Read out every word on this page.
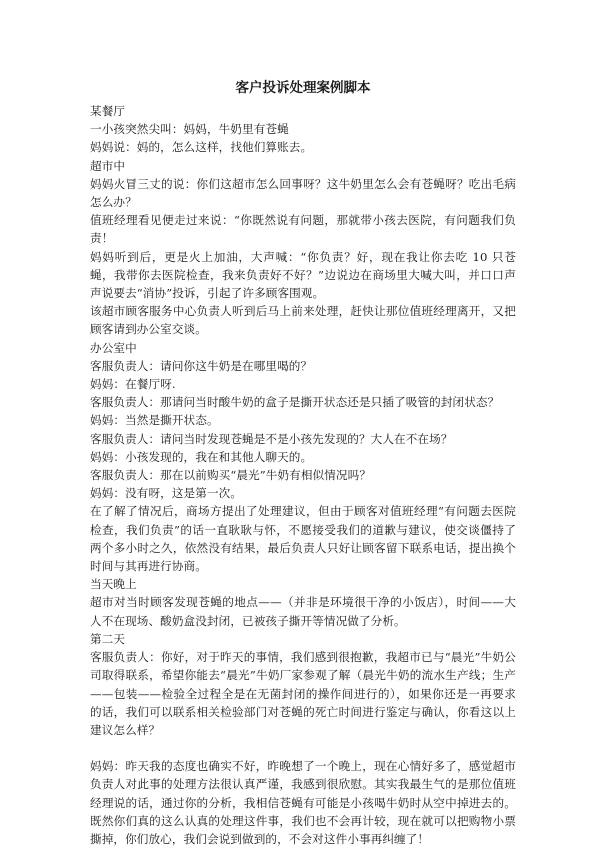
客户投诉处理案例脚本

某餐厅

一小孩突然尖叫：妈妈，牛奶里有苍蝇

妈妈说：妈的，怎么这样，找他们算账去。

超市中

妈妈火冒三丈的说：你们这超市怎么回事呀？这牛奶里怎么会有苍蝇呀？吃出毛病怎么办？

值班经理看见便走过来说：“你既然说有问题，那就带小孩去医院，有问题我们负责！

妈妈听到后，更是火上加油，大声喊：“你负责？好，现在我让你去吃 10 只苍蝇，我带你去医院检查，我来负责好不好？”边说边在商场里大喊大叫，并口口声声说要去“消协”投诉，引起了许多顾客围观。

该超市顾客服务中心负责人听到后马上前来处理，赶快让那位值班经理离开，又把顾客请到办公室交谈。

办公室中

客服负责人：请问你这牛奶是在哪里喝的？

妈妈：在餐厅呀.

客服负责人：那请问当时酸牛奶的盒子是撕开状态还是只插了吸管的封闭状态？

妈妈：当然是撕开状态。

客服负责人：请问当时发现苍蝇是不是小孩先发现的？大人在不在场？

妈妈：小孩发现的，我在和其他人聊天的。

客服负责人：那在以前购买“晨光”牛奶有相似情况吗？

妈妈：没有呀，这是第一次。

在了解了情况后，商场方提出了处理建议，但由于顾客对值班经理“有问题去医院检查，我们负责”的话一直耿耿与怀，不愿接受我们的道歉与建议，使交谈僵持了两个多小时之久，依然没有结果，最后负责人只好让顾客留下联系电话，提出换个时间与其再进行协商。

当天晚上

超市对当时顾客发现苍蝇的地点——（并非是环境很干净的小饭店），时间——大人不在现场、酸奶盒没封闭，已被孩子撕开等情况做了分析。

第二天

客服负责人：你好，对于昨天的事情，我们感到很抱歉，我超市已与“晨光”牛奶公司取得联系，希望你能去“晨光”牛奶厂家参观了解（晨光牛奶的流水生产线；生产——包装——检验全过程全是在无菌封闭的操作间进行的），如果你还是一再要求的话，我们可以联系相关检验部门对苍蝇的死亡时间进行鉴定与确认，你看这以上建议怎么样？

妈妈：昨天我的态度也确实不好，昨晚想了一个晚上，现在心情好多了，感觉超市负责人对此事的处理方法很认真严谨，我感到很欣慰。其实我最生气的是那位值班经理说的话，通过你的分析，我相信苍蝇有可能是小孩喝牛奶时从空中掉进去的。 既然你们真的这么认真的处理这件事，我们也不会再计较，现在就可以把购物小票撕掉，你们放心，我们会说到做到的，不会对这件小事再纠缠了！
